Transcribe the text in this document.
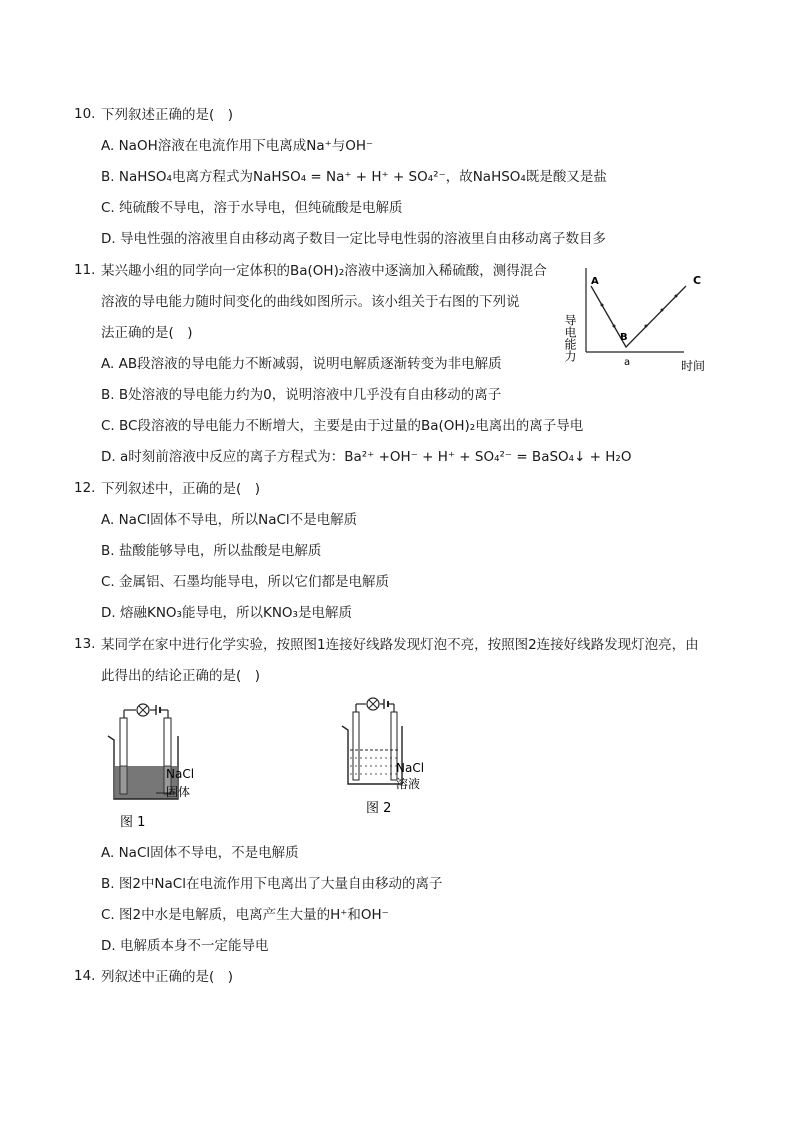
10. 下列叙述正确的是(　)
A. NaOH溶液在电流作用下电离成Na⁺与OH⁻
B. NaHSO₄电离方程式为NaHSO₄ = Na⁺ + H⁺ + SO₄²⁻，故NaHSO₄既是酸又是盐
C. 纯硫酸不导电，溶于水导电，但纯硫酸是电解质
D. 导电性强的溶液里自由移动离子数目一定比导电性弱的溶液里自由移动离子数目多
11. 某兴趣小组的同学向一定体积的Ba(OH)₂溶液中逐滴加入稀硫酸，测得混合
溶液的导电能力随时间变化的曲线如图所示。该小组关于右图的下列说
法正确的是(　)	导电能力
A
B
C
a	时间
A. AB段溶液的导电能力不断减弱，说明电解质逐渐转变为非电解质
B. B处溶液的导电能力约为0，说明溶液中几乎没有自由移动的离子
C. BC段溶液的导电能力不断增大，主要是由于过量的Ba(OH)₂电离出的离子导电
D. a时刻前溶液中反应的离子方程式为：Ba²⁺ +OH⁻ + H⁺ + SO₄²⁻ = BaSO₄↓ + H₂O
12. 下列叙述中，正确的是(　)
A. NaCl固体不导电，所以NaCl不是电解质
B. 盐酸能够导电，所以盐酸是电解质
C. 金属铝、石墨均能导电，所以它们都是电解质
D. 熔融KNO₃能导电，所以KNO₃是电解质
13. 某同学在家中进行化学实验，按照图1连接好线路发现灯泡不亮，按照图2连接好线路发现灯泡亮，由
此得出的结论正确的是(　)
NaCl
固体
图 1
NaCl
溶液
图 2
A. NaCl固体不导电，不是电解质
B. 图2中NaCl在电流作用下电离出了大量自由移动的离子
C. 图2中水是电解质，电离产生大量的H⁺和OH⁻
D. 电解质本身不一定能导电
14. 列叙述中正确的是(　)
